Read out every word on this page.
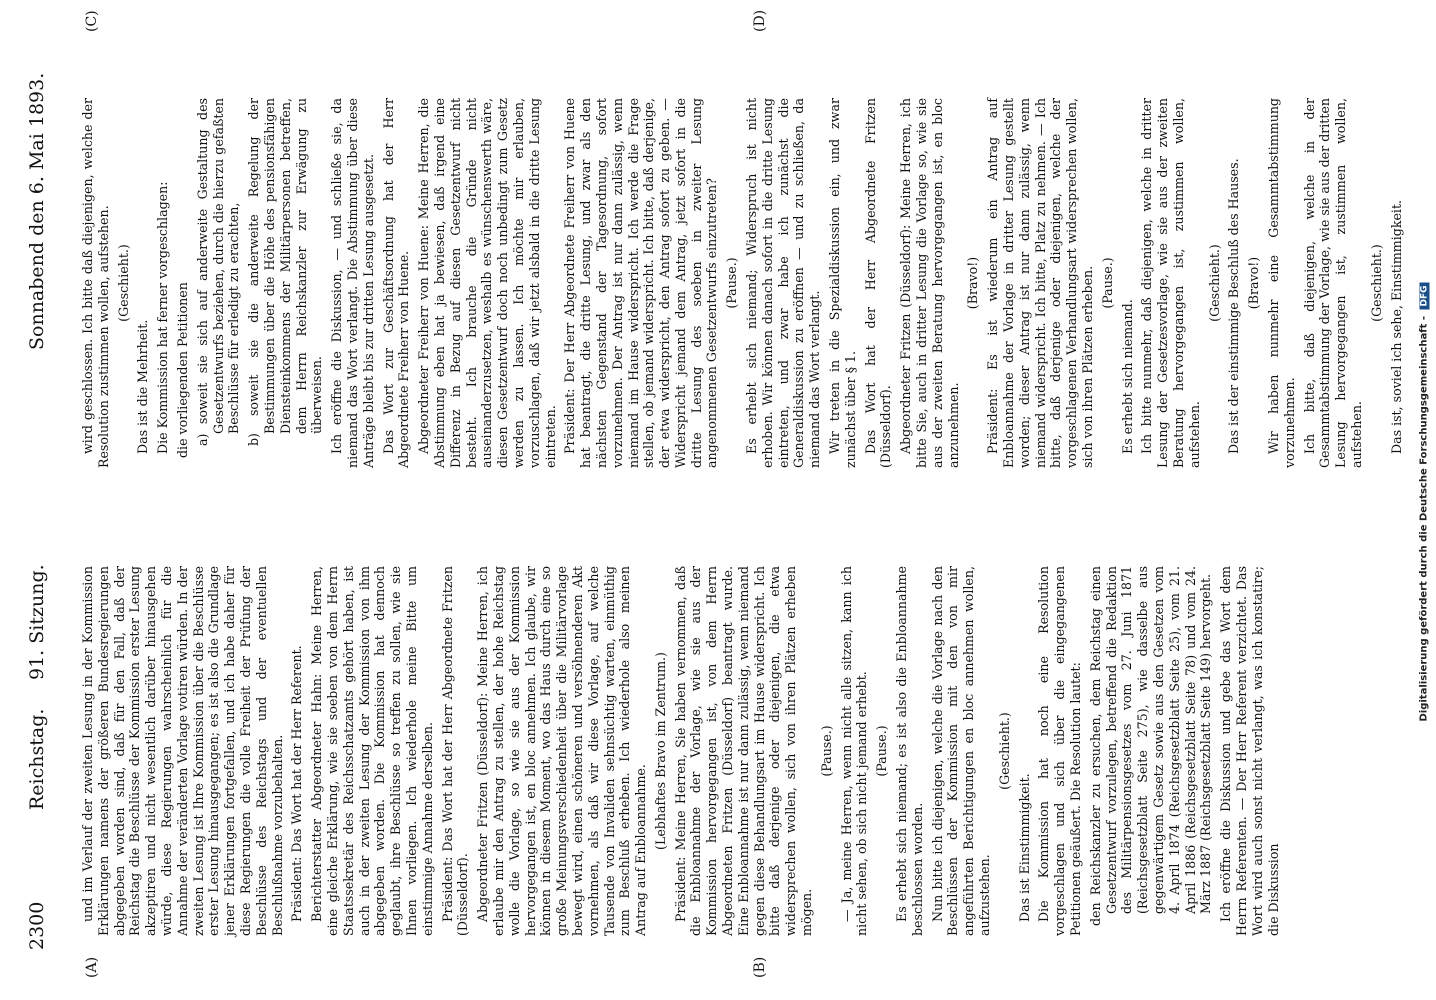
2300
Reichstag.
91. Sitzung.
Sonnabend den 6. Mai 1893.
(A)	(B)
(C)	(D)

und im Verlauf der zweiten Lesung in der Kommission Erklärungen namens der größeren Bundesregierungen abgegeben worden sind, daß für den Fall, daß der Reichstag die Beschlüsse der Kommission erster Lesung akzeptiren und nicht wesentlich darüber hinausgehen würde, diese Regierungen wahrscheinlich für die Annahme der veränderten Vorlage votiren würden. In der zweiten Lesung ist Ihre Kommission über die Beschlüsse erster Lesung hinausgegangen; es ist also die Grundlage jener Erklärungen fortgefallen, und ich habe daher für diese Regierungen die volle Freiheit der Prüfung der Beschlüsse des Reichstags und der eventuellen Beschlußnahme vorzubehalten. Präsident: Das Wort hat der Herr Referent. Berichterstatter Abgeordneter Hahn: Meine Herren, eine gleiche Erklärung, wie sie soeben von dem Herrn Staatssekretär des Reichsschatzamts gehört haben, ist auch in der zweiten Lesung der Kommission von ihm abgegeben worden. Die Kommission hat dennoch geglaubt, ihre Beschlüsse so treffen zu sollen, wie sie Ihnen vorliegen. Ich wiederhole meine Bitte um einstimmige Annahme derselben. Präsident: Das Wort hat der Herr Abgeordnete Fritzen (Düsseldorf). Abgeordneter Fritzen (Düsseldorf): Meine Herren, ich erlaube mir den Antrag zu stellen, der hohe Reichstag wolle die Vorlage, so wie sie aus der Kommission hervorgegangen ist, en bloc annehmen. Ich glaube, wir können in diesem Moment, wo das Haus durch eine so große Meinungsverschiedenheit über die Militärvorlage bewegt wird, einen schöneren und versöhnenderen Akt vornehmen, als daß wir diese Vorlage, auf welche Tausende von Invaliden sehnsüchtig warten, einmüthig zum Beschluß erheben. Ich wiederhole also meinen Antrag auf Enbloannahme.

(Lebhaftes Bravo im Zentrum.) Präsident: Meine Herren, Sie haben vernommen, daß die Enbloannahme der Vorlage, wie sie aus der Kommission hervorgegangen ist, von dem Herrn Abgeordneten Fritzen (Düsseldorf) beantragt wurde. Eine Enbloannahme ist nur dann zulässig, wenn niemand gegen diese Behandlungsart im Hause widerspricht. Ich bitte daß derjenige oder diejenigen, die etwa widersprechen wollen, sich von ihren Plätzen erheben mögen.

(Pause.) — Ja, meine Herren, wenn nicht alle sitzen, kann ich nicht sehen, ob sich nicht jemand erhebt. (Pause.) Es erhebt sich niemand; es ist also die Enbloannahme beschlossen worden. Nun bitte ich diejenigen, welche die Vorlage nach den Beschlüssen der Kommission mit den von mir angeführten Berichtigungen en bloc annehmen wollen, aufzustehen.

(Geschieht.)

Das ist Einstimmigkeit. Die Kommission hat noch eine Resolution vorgeschlagen und sich über die eingegangenen Petitionen geäußert. Die Resolution lautet: den Reichskanzler zu ersuchen, dem Reichstag einen Gesetzentwurf vorzulegen, betreffend die Redaktion des Militärpensionsgesetzes vom 27. Juni 1871 (Reichsgesetzblatt Seite 275), wie dasselbe aus gegenwärtigem Gesetz sowie aus den Gesetzen vom 4. April 1874 (Reichsgesetzblatt Seite 25), vom 21. April 1886 (Reichsgesetzblatt Seite 78) und vom 24. März 1887 (Reichsgesetzblatt Seite 149) hervorgeht. Ich eröffne die Diskussion und gebe das Wort dem Herrn Referenten. — Der Herr Referent verzichtet. Das Wort wird auch sonst nicht verlangt, was ich konstatire; die Diskussion

wird geschlossen. Ich bitte daß diejenigen, welche der Resolution zustimmen wollen, aufstehen. (Geschieht.)

Das ist die Mehrheit. Die Kommission hat ferner vorgeschlagen: die vorliegenden Petitionen a) soweit sie sich auf anderweite Gestaltung des Gesetzentwurfs beziehen, durch die hierzu gefaßten Beschlüsse für erledigt zu erachten, b) soweit sie die anderweite Regelung der Bestimmungen über die Höhe des pensionsfähigen Diensteinkommens der Militärpersonen betreffen, dem Herrn Reichskanzler zur Erwägung zu überweisen. Ich eröffne die Diskussion, — und schließe sie, da niemand das Wort verlangt. Die Abstimmung über diese Anträge bleibt bis zur dritten Lesung ausgesetzt. Das Wort zur Geschäftsordnung hat der Herr Abgeordnete Freiherr von Huene. Abgeordneter Freiherr von Huene: Meine Herren, die Abstimmung eben hat ja bewiesen, daß irgend eine Differenz in Bezug auf diesen Gesetzentwurf nicht besteht. Ich brauche die Gründe nicht auseinanderzusetzen, weshalb es wünschenswerth wäre, diesen Gesetzentwurf doch noch unbedingt zum Gesetz werden zu lassen. Ich möchte mir erlauben, vorzuschlagen, daß wir jetzt alsbald in die dritte Lesung eintreten. Präsident: Der Herr Abgeordnete Freiherr von Huene hat beantragt, die dritte Lesung, und zwar als den nächsten Gegenstand der Tagesordnung, sofort vorzunehmen. Der Antrag ist nur dann zulässig, wenn niemand im Hause widerspricht. Ich werde die Frage stellen, ob jemand widerspricht. Ich bitte, daß derjenige, der etwa widerspricht, den Antrag sofort zu geben. — Widerspricht jemand dem Antrag, jetzt sofort in die dritte Lesung des soeben in zweiter Lesung angenommenen Gesetzentwurfs einzutreten? (Pause.) Es erhebt sich niemand; Widerspruch ist nicht erhoben. Wir können danach sofort in die dritte Lesung eintreten, und zwar habe ich zunächst die Generaldiskussion zu eröffnen — und zu schließen, da niemand das Wort verlangt. Wir treten in die Spezialdiskussion ein, und zwar zunächst über § 1. Das Wort hat der Herr Abgeordnete Fritzen (Düsseldorf). Abgeordneter Fritzen (Düsseldorf): Meine Herren, ich bitte Sie, auch in dritter Lesung die Vorlage so, wie sie aus der zweiten Beratung hervorgegangen ist, en bloc anzunehmen.

(Bravo!) Präsident: Es ist wiederum ein Antrag auf Enbloannahme der Vorlage in dritter Lesung gestellt worden; dieser Antrag ist nur dann zulässig, wenn niemand widerspricht. Ich bitte, Platz zu nehmen. — Ich bitte, daß derjenige oder diejenigen, welche der vorgeschlagenen Verhandlungsart widersprechen wollen, sich von ihren Plätzen erheben. (Pause.)

Es erhebt sich niemand. Ich bitte nunmehr, daß diejenigen, welche in dritter Lesung der Gesetzesvorlage, wie sie aus der zweiten Beratung hervorgegangen ist, zustimmen wollen, aufstehen.

(Geschieht.) Das ist der einstimmige Beschluß des Hauses. (Bravo!) Wir haben nunmehr eine Gesammtabstimmung vorzunehmen. Ich bitte, daß diejenigen, welche in der Gesammtabstimmung der Vorlage, wie sie aus der dritten Lesung hervorgegangen ist, zustimmen wollen, aufstehen.

(Geschieht.) Das ist, soviel ich sehe, Einstimmigkeit. Digitalisierung gefördert durch die Deutsche Forschungsgemeinschaft - DFG
